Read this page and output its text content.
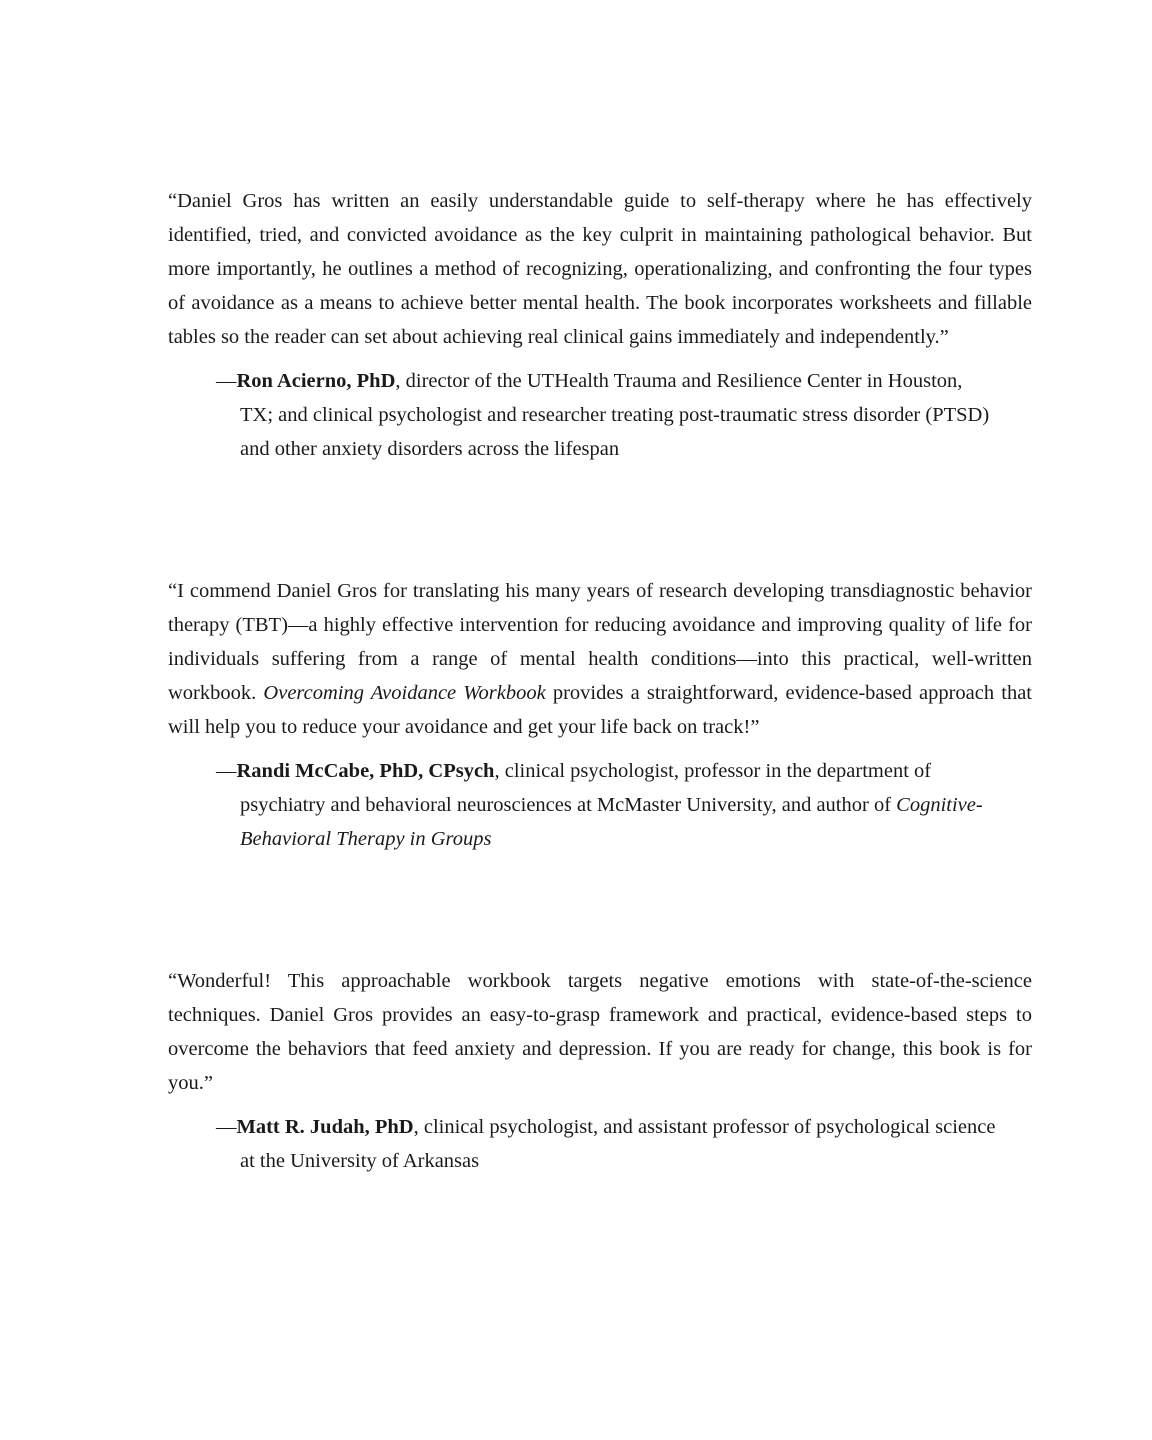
“Daniel Gros has written an easily understandable guide to self-therapy where he has effectively identified, tried, and convicted avoidance as the key culprit in maintaining pathological behavior. But more importantly, he outlines a method of recognizing, operationalizing, and confronting the four types of avoidance as a means to achieve better mental health. The book incorporates worksheets and fillable tables so the reader can set about achieving real clinical gains immediately and independently.”

—Ron Acierno, PhD, director of the UTHealth Trauma and Resilience Center in Houston, TX; and clinical psychologist and researcher treating post-traumatic stress disorder (PTSD) and other anxiety disorders across the lifespan

“I commend Daniel Gros for translating his many years of research developing transdiagnostic behavior therapy (TBT)—a highly effective intervention for reducing avoidance and improving quality of life for individuals suffering from a range of mental health conditions—into this practical, well-written workbook. Overcoming Avoidance Workbook provides a straightforward, evidence-based approach that will help you to reduce your avoidance and get your life back on track!”

—Randi McCabe, PhD, CPsych, clinical psychologist, professor in the department of psychiatry and behavioral neurosciences at McMaster University, and author of Cognitive-Behavioral Therapy in Groups

“Wonderful! This approachable workbook targets negative emotions with state-of-the-science techniques. Daniel Gros provides an easy-to-grasp framework and practical, evidence-based steps to overcome the behaviors that feed anxiety and depression. If you are ready for change, this book is for you.”

—Matt R. Judah, PhD, clinical psychologist, and assistant professor of psychological science at the University of Arkansas
